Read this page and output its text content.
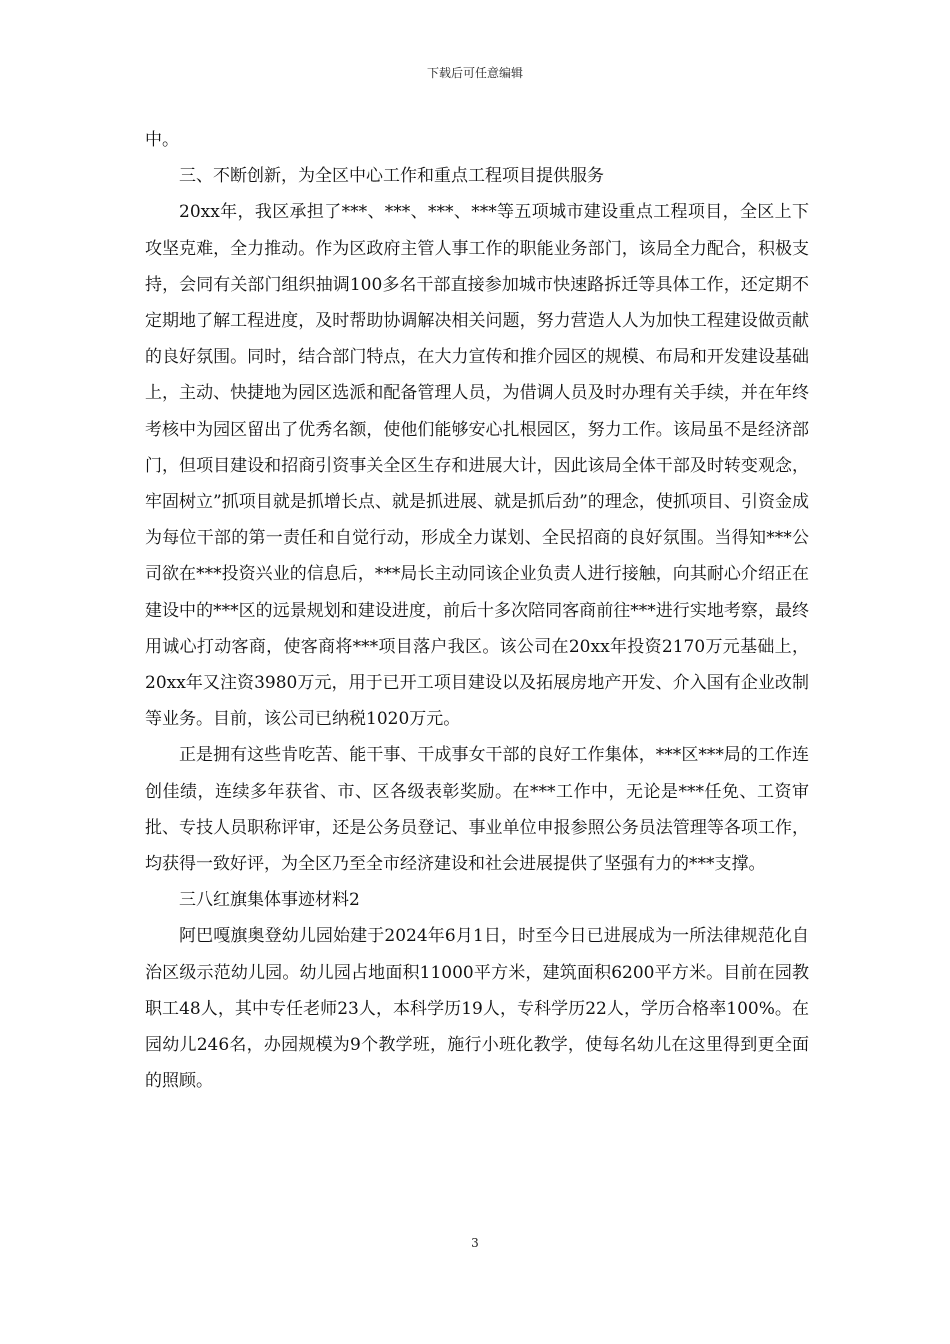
下载后可任意编辑

中。

三、不断创新，为全区中心工作和重点工程项目提供服务

20xx年，我区承担了***、***、***、***等五项城市建设重点工程项目，全区上下攻坚克难，全力推动。作为区政府主管人事工作的职能业务部门，该局全力配合，积极支持，会同有关部门组织抽调100多名干部直接参加城市快速路拆迁等具体工作，还定期不定期地了解工程进度，及时帮助协调解决相关问题，努力营造人人为加快工程建设做贡献的良好氛围。同时，结合部门特点，在大力宣传和推介园区的规模、布局和开发建设基础上，主动、快捷地为园区选派和配备管理人员，为借调人员及时办理有关手续，并在年终考核中为园区留出了优秀名额，使他们能够安心扎根园区，努力工作。该局虽不是经济部门，但项目建设和招商引资事关全区生存和进展大计，因此该局全体干部及时转变观念，牢固树立”抓项目就是抓增长点、就是抓进展、就是抓后劲”的理念，使抓项目、引资金成为每位干部的第一责任和自觉行动，形成全力谋划、全民招商的良好氛围。当得知***公司欲在***投资兴业的信息后，***局长主动同该企业负责人进行接触，向其耐心介绍正在建设中的***区的远景规划和建设进度，前后十多次陪同客商前往***进行实地考察，最终用诚心打动客商，使客商将***项目落户我区。该公司在20xx年投资2170万元基础上，20xx年又注资3980万元，用于已开工项目建设以及拓展房地产开发、介入国有企业改制等业务。目前，该公司已纳税1020万元。

正是拥有这些肯吃苦、能干事、干成事女干部的良好工作集体，***区***局的工作连创佳绩，连续多年获省、市、区各级表彰奖励。在***工作中，无论是***任免、工资审批、专技人员职称评审，还是公务员登记、事业单位申报参照公务员法管理等各项工作，均获得一致好评，为全区乃至全市经济建设和社会进展提供了坚强有力的***支撑。

三八红旗集体事迹材料2

阿巴嘎旗奥登幼儿园始建于2024年6月1日，时至今日已进展成为一所法律规范化自治区级示范幼儿园。幼儿园占地面积11000平方米，建筑面积6200平方米。目前在园教职工48人，其中专任老师23人，本科学历19人，专科学历22人，学历合格率100%。在园幼儿246名，办园规模为9个教学班，施行小班化教学，使每名幼儿在这里得到更全面的照顾。

3
